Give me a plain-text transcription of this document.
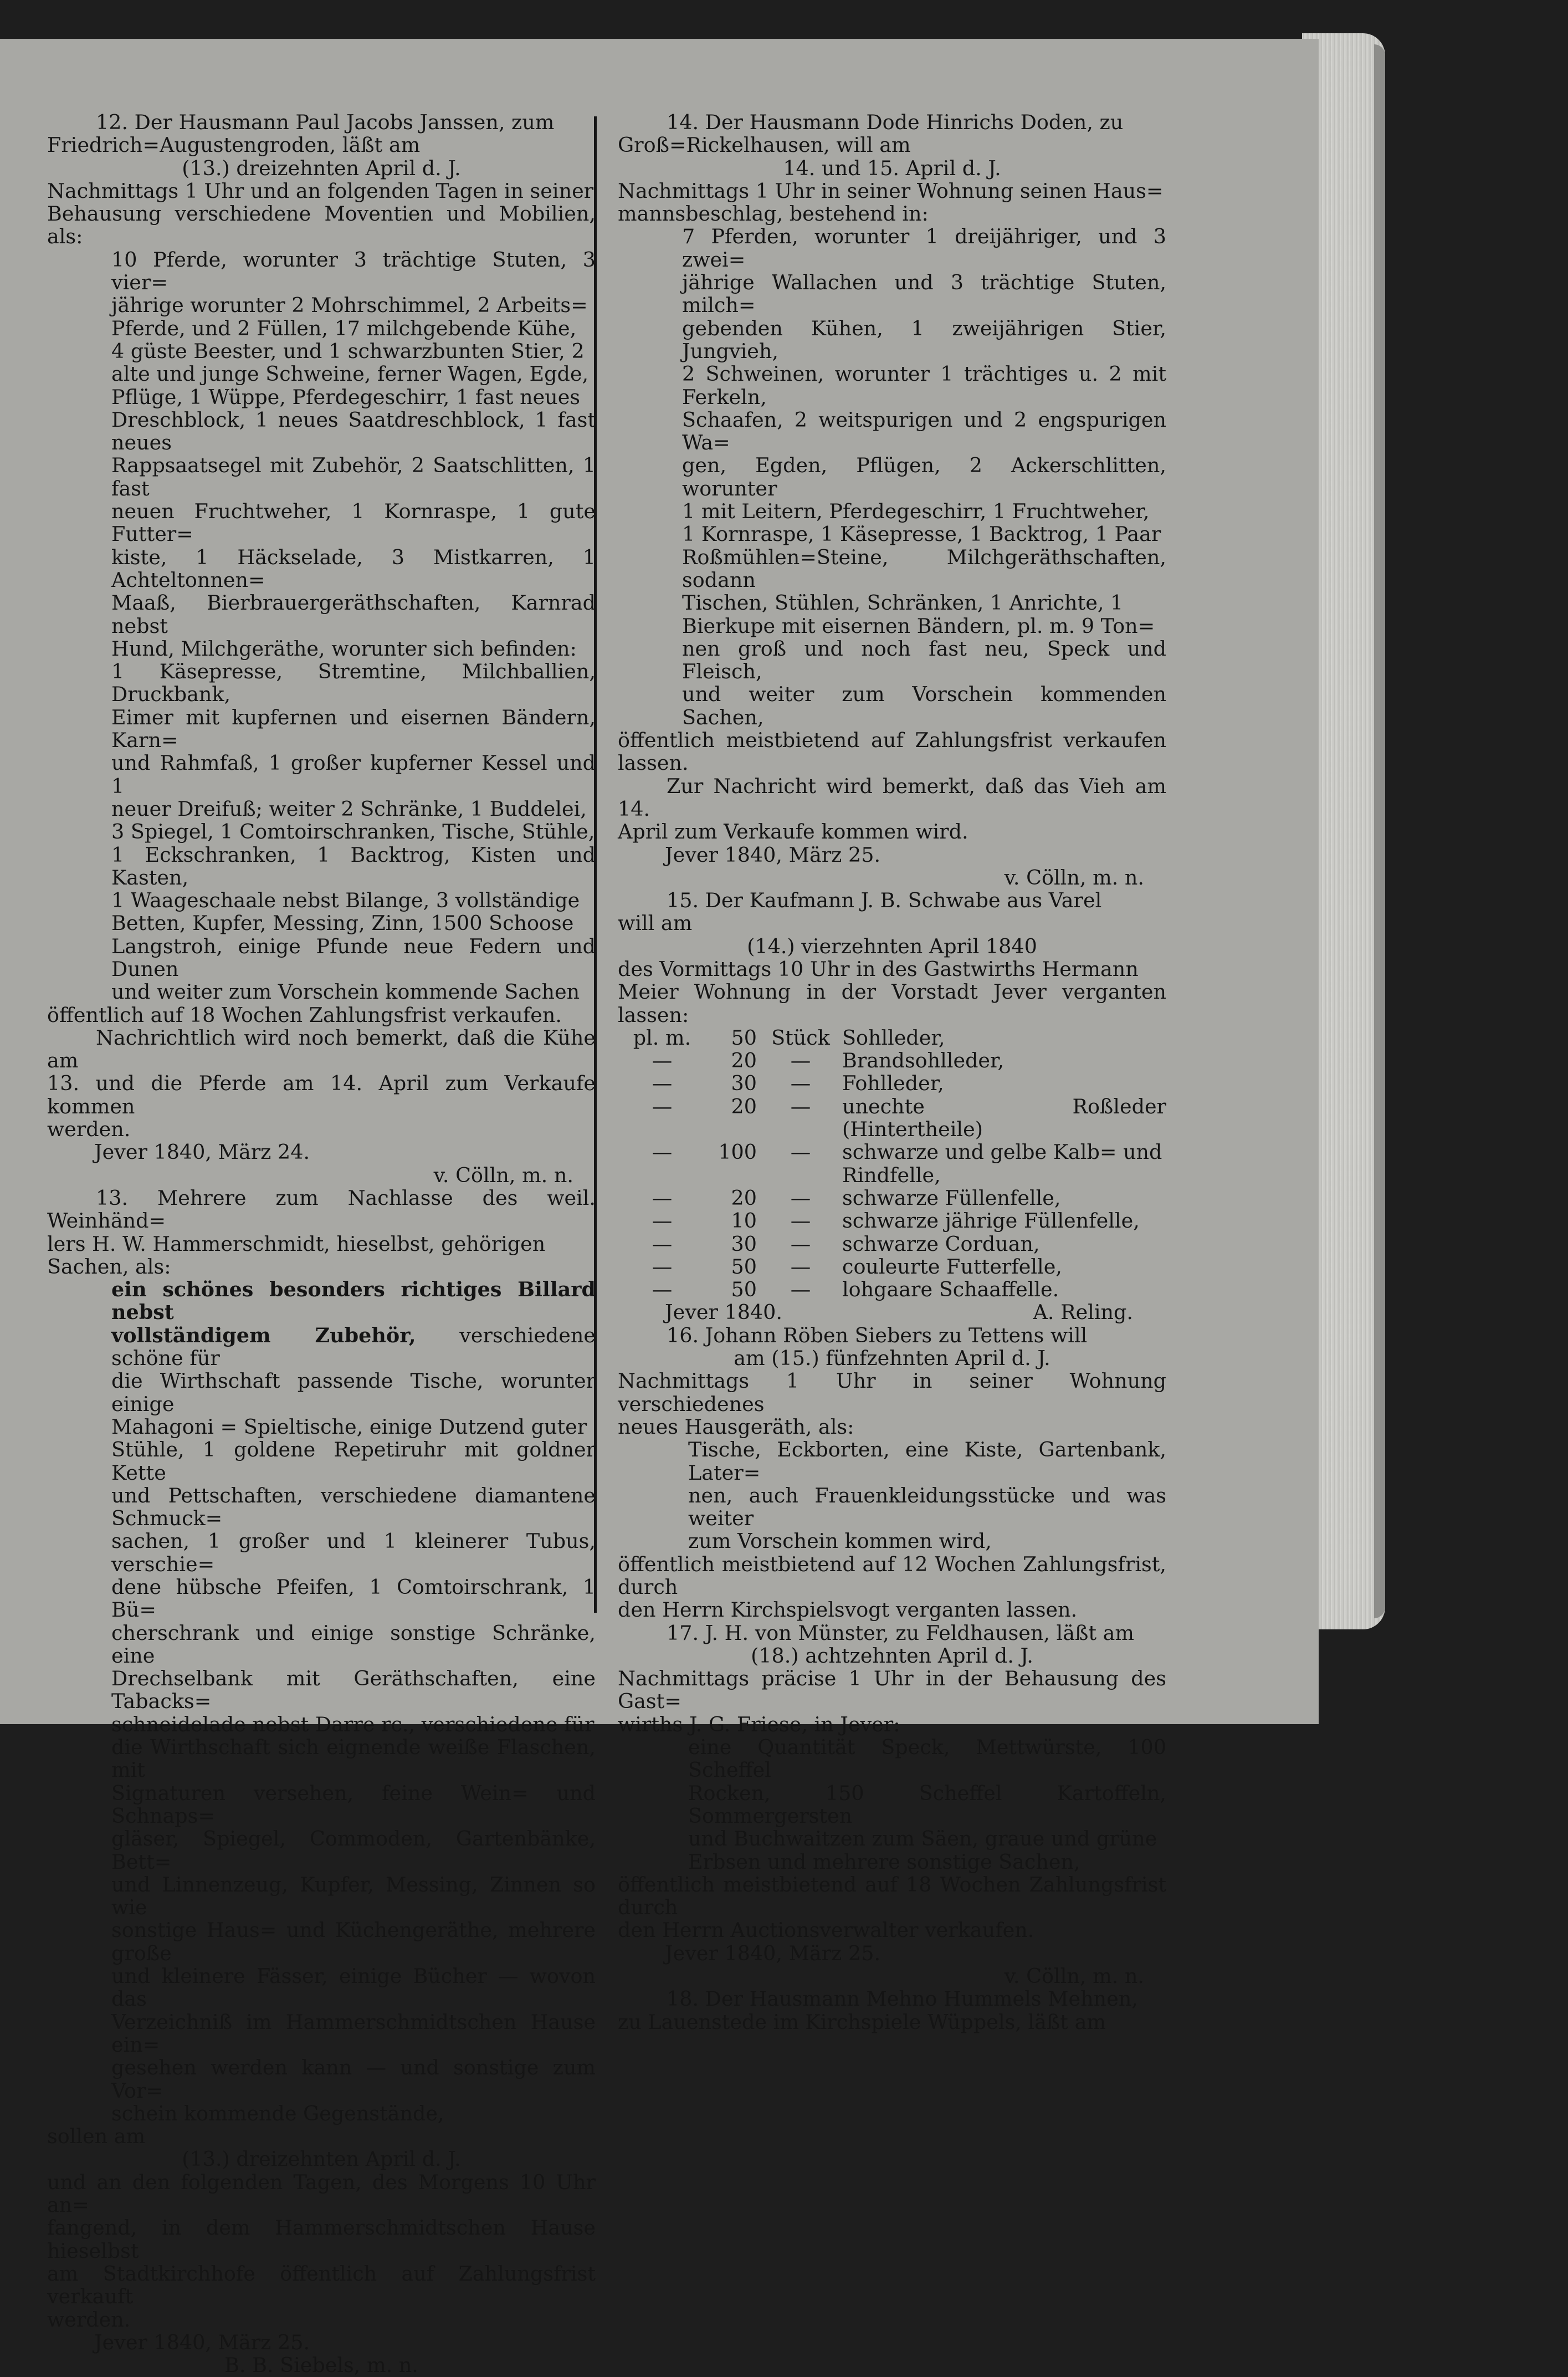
12. Der Hausmann Paul Jacobs Janssen, zum

Friedrich=Augustengroden, läßt am

(13.) dreizehnten April d. J.

Nachmittags 1 Uhr und an folgenden Tagen in seiner

Behausung verschiedene Moventien und Mobilien, als:

10 Pferde, worunter 3 trächtige Stuten, 3 vier=

jährige worunter 2 Mohrschimmel, 2 Arbeits=

Pferde, und 2 Füllen, 17 milchgebende Kühe,

4 güste Beester, und 1 schwarzbunten Stier, 2

alte und junge Schweine, ferner Wagen, Egde,

Pflüge, 1 Wüppe, Pferdegeschirr, 1 fast neues

Dreschblock, 1 neues Saatdreschblock, 1 fast neues

Rappsaatsegel mit Zubehör, 2 Saatschlitten, 1 fast

neuen Fruchtweher, 1 Kornraspe, 1 gute Futter=

kiste, 1 Häckselade, 3 Mistkarren, 1 Achteltonnen=

Maaß, Bierbrauergeräthschaften, Karnrad nebst

Hund, Milchgeräthe, worunter sich befinden:

1 Käsepresse, Stremtine, Milchballien, Druckbank,

Eimer mit kupfernen und eisernen Bändern, Karn=

und Rahmfaß, 1 großer kupferner Kessel und 1

neuer Dreifuß; weiter 2 Schränke, 1 Buddelei,

3 Spiegel, 1 Comtoirschranken, Tische, Stühle,

1 Eckschranken, 1 Backtrog, Kisten und Kasten,

1 Waageschaale nebst Bilange, 3 vollständige

Betten, Kupfer, Messing, Zinn, 1500 Schoose

Langstroh, einige Pfunde neue Federn und Dunen

und weiter zum Vorschein kommende Sachen

öffentlich auf 18 Wochen Zahlungsfrist verkaufen.

Nachrichtlich wird noch bemerkt, daß die Kühe am

13. und die Pferde am 14. April zum Verkaufe kommen

werden.

Jever 1840, März 24.

v. Cölln, m. n.

13. Mehrere zum Nachlasse des weil. Weinhänd=

lers H. W. Hammerschmidt, hieselbst, gehörigen

Sachen, als:

ein schönes besonders richtiges Billard nebst

vollständigem Zubehör, verschiedene schöne für

die Wirthschaft passende Tische, worunter einige

Mahagoni = Spieltische, einige Dutzend guter

Stühle, 1 goldene Repetiruhr mit goldner Kette

und Pettschaften, verschiedene diamantene Schmuck=

sachen, 1 großer und 1 kleinerer Tubus, verschie=

dene hübsche Pfeifen, 1 Comtoirschrank, 1 Bü=

cherschrank und einige sonstige Schränke, eine

Drechselbank mit Geräthschaften, eine Tabacks=

schneidelade nebst Darre rc., verschiedene für

die Wirthschaft sich eignende weiße Flaschen, mit

Signaturen versehen, feine Wein= und Schnaps=

gläser, Spiegel, Commoden, Gartenbänke, Bett=

und Linnenzeug, Kupfer, Messing, Zinnen so wie

sonstige Haus= und Küchengeräthe, mehrere große

und kleinere Fässer, einige Bücher — wovon das

Verzeichniß im Hammerschmidtschen Hause ein=

gesehen werden kann — und sonstige zum Vor=

schein kommende Gegenstände,

sollen am

(13.) dreizehnten April d. J.

und an den folgenden Tagen, des Morgens 10 Uhr an=

fangend, in dem Hammerschmidtschen Hause hieselbst

am Stadtkirchhofe öffentlich auf Zahlungsfrist verkauft

werden.

Jever 1840, März 25.

B. B. Siebels, m. n.

14. Der Hausmann Dode Hinrichs Doden, zu

Groß=Rickelhausen, will am

14. und 15. April d. J.

Nachmittags 1 Uhr in seiner Wohnung seinen Haus=

mannsbeschlag, bestehend in:

7 Pferden, worunter 1 dreijähriger, und 3 zwei=

jährige Wallachen und 3 trächtige Stuten, milch=

gebenden Kühen, 1 zweijährigen Stier, Jungvieh,

2 Schweinen, worunter 1 trächtiges u. 2 mit Ferkeln,

Schaafen, 2 weitspurigen und 2 engspurigen Wa=

gen, Egden, Pflügen, 2 Ackerschlitten, worunter

1 mit Leitern, Pferdegeschirr, 1 Fruchtweher,

1 Kornraspe, 1 Käsepresse, 1 Backtrog, 1 Paar

Roßmühlen=Steine, Milchgeräthschaften, sodann

Tischen, Stühlen, Schränken, 1 Anrichte, 1

Bierkupe mit eisernen Bändern, pl. m. 9 Ton=

nen groß und noch fast neu, Speck und Fleisch,

und weiter zum Vorschein kommenden Sachen,

öffentlich meistbietend auf Zahlungsfrist verkaufen lassen.

Zur Nachricht wird bemerkt, daß das Vieh am 14.

April zum Verkaufe kommen wird.

Jever 1840, März 25.

v. Cölln, m. n.

15. Der Kaufmann J. B. Schwabe aus Varel

will am

(14.) vierzehnten April 1840

des Vormittags 10 Uhr in des Gastwirths Hermann

Meier Wohnung in der Vorstadt Jever verganten lassen:

pl. m.	50 Stück Sohlleder,
—	20	—	Brandsohlleder,
—	30	—	Fohlleder,
—	20	—	unechte Roßleder (Hintertheile)
—	100	—	schwarze und gelbe Kalb= und
Rindfelle,
—	20	—	schwarze Füllenfelle,
—	10	—	schwarze jährige Füllenfelle,
—	30	—	schwarze Corduan,
—	50	—	couleurte Futterfelle,
—	50	—	lohgaare Schaaffelle.
Jever 1840.	A. Reling.

16. Johann Röben Siebers zu Tettens will

am (15.) fünfzehnten April d. J.

Nachmittags 1 Uhr in seiner Wohnung verschiedenes

neues Hausgeräth, als:

Tische, Eckborten, eine Kiste, Gartenbank, Later=

nen, auch Frauenkleidungsstücke und was weiter

zum Vorschein kommen wird,

öffentlich meistbietend auf 12 Wochen Zahlungsfrist, durch

den Herrn Kirchspielsvogt verganten lassen.

17. J. H. von Münster, zu Feldhausen, läßt am

(18.) achtzehnten April d. J.

Nachmittags präcise 1 Uhr in der Behausung des Gast=

wirths J. G. Friese, in Jever:

eine Quantität Speck, Mettwürste, 100 Scheffel

Rocken, 150 Scheffel Kartoffeln, Sommergersten

und Buchwaitzen zum Säen, graue und grüne

Erbsen und mehrere sonstige Sachen,

öffentlich meistbietend auf 18 Wochen Zahlungsfrist durch

den Herrn Auctionsverwalter verkaufen.

Jever 1840, März 25.

v. Cölln, m. n.

18. Der Hausmann Mehno Hummels Mehnen,

zu Lauenstede im Kirchspiele Wüppels, läßt am
